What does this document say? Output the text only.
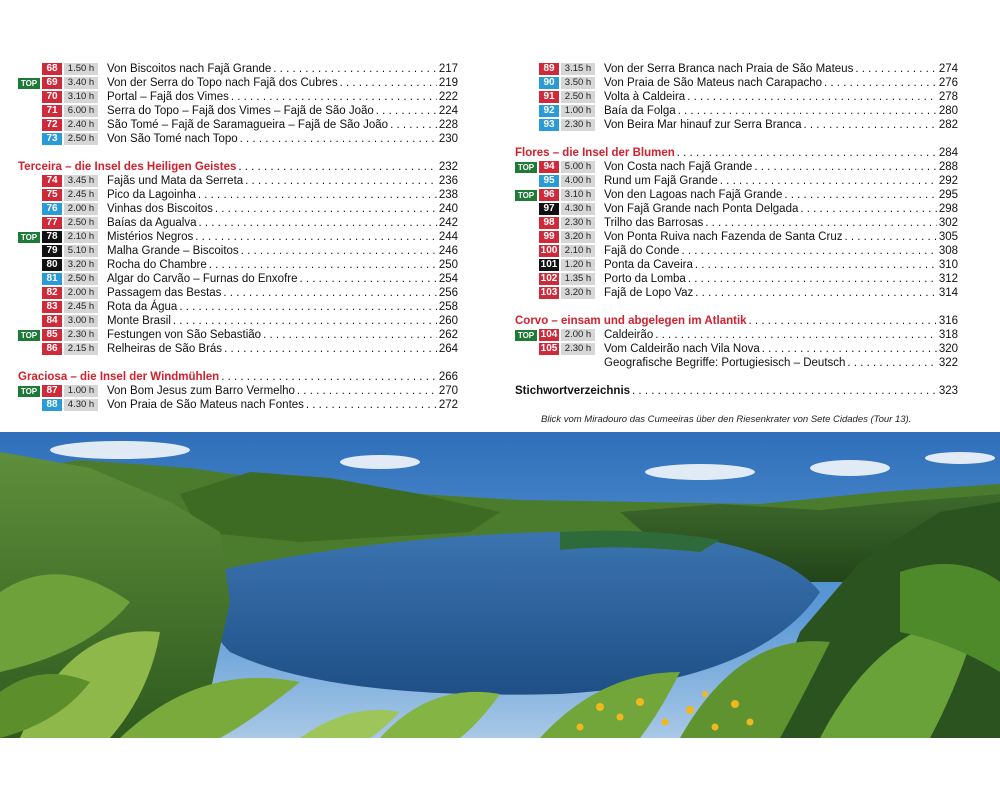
68	1.50 h	Von Biscoitos nach Fajã Grande . . .	217
TOP 69	3.40 h	Von der Serra do Topo nach Fajã dos Cubres . . .	219
70	3.10 h	Portal – Fajã dos Vimes . . .	222
71	6.00 h	Serra do Topo – Fajã dos Vimes – Fajã de São João . . .	224
72	2.40 h	São Tomé – Fajã de Saramagueira – Fajã de São João . . .	228
73	2.50 h	Von São Tomé nach Topo . . .	230
Terceira – die Insel des Heiligen Geistes . . .	232
74	3.45 h	Fajãs und Mata da Serreta . . .	236
75	2.45 h	Pico da Lagoinha . . .	238
76	2.00 h	Vinhas dos Biscoitos . . .	240
77	2.50 h	Baías da Agualva . . .	242
TOP 78	2.10 h	Mistérios Negros . . .	244
79	5.10 h	Malha Grande – Biscoitos . . .	246
80	3.20 h	Rocha do Chambre . . .	250
81	2.50 h	Algar do Carvão – Furnas do Enxofre . . .	254
82	2.00 h	Passagem das Bestas . . .	256
83	2.45 h	Rota da Água . . .	258
84	3.00 h	Monte Brasil . . .	260
TOP 85	2.30 h	Festungen von São Sebastião . . .	262
86	2.15 h	Relheiras de São Brás . . .	264
Graciosa – die Insel der Windmühlen . . .	266
TOP 87	1.00 h	Von Bom Jesus zum Barro Vermelho . . .	270
88	4.30 h	Von Praia de São Mateus nach Fontes . . .	272
89	3.15 h	Von der Serra Branca nach Praia de São Mateus . . .	274
90	3.50 h	Von Praia de São Mateus nach Carapacho . . .	276
91	2.50 h	Volta à Caldeira . . .	278
92	1.00 h	Baía da Folga . . .	280
93	2.30 h	Von Beira Mar hinauf zur Serra Branca . . .	282
Flores – die Insel der Blumen . . .	284
TOP 94	5.00 h	Von Costa nach Fajã Grande . . .	288
95	4.00 h	Rund um Fajã Grande . . .	292
TOP 96	3.10 h	Von den Lagoas nach Fajã Grande . . .	295
97	4.30 h	Von Fajã Grande nach Ponta Delgada . . .	298
98	2.30 h	Trilho das Barrosas . . .	302
99	3.20 h	Von Ponta Ruiva nach Fazenda de Santa Cruz . . .	305
100 2.10 h	Fajã do Conde . . .	308
101 1.20 h	Ponta da Caveira . . .	310
102 1.35 h	Porto da Lomba . . .	312
103 3.20 h	Fajã de Lopo Vaz . . .	314
Corvo – einsam und abgelegen im Atlantik . . .	316
TOP 104 2.00 h	Caldeirão . . .	318
105 2.30 h	Vom Caldeirão nach Vila Nova . . .	320
Geografische Begriffe: Portugiesisch – Deutsch . . .	322
Stichwortverzeichnis . . .	323
Blick vom Miradouro das Cumeeiras über den Riesenkrater von Sete Cidades (Tour 13).
